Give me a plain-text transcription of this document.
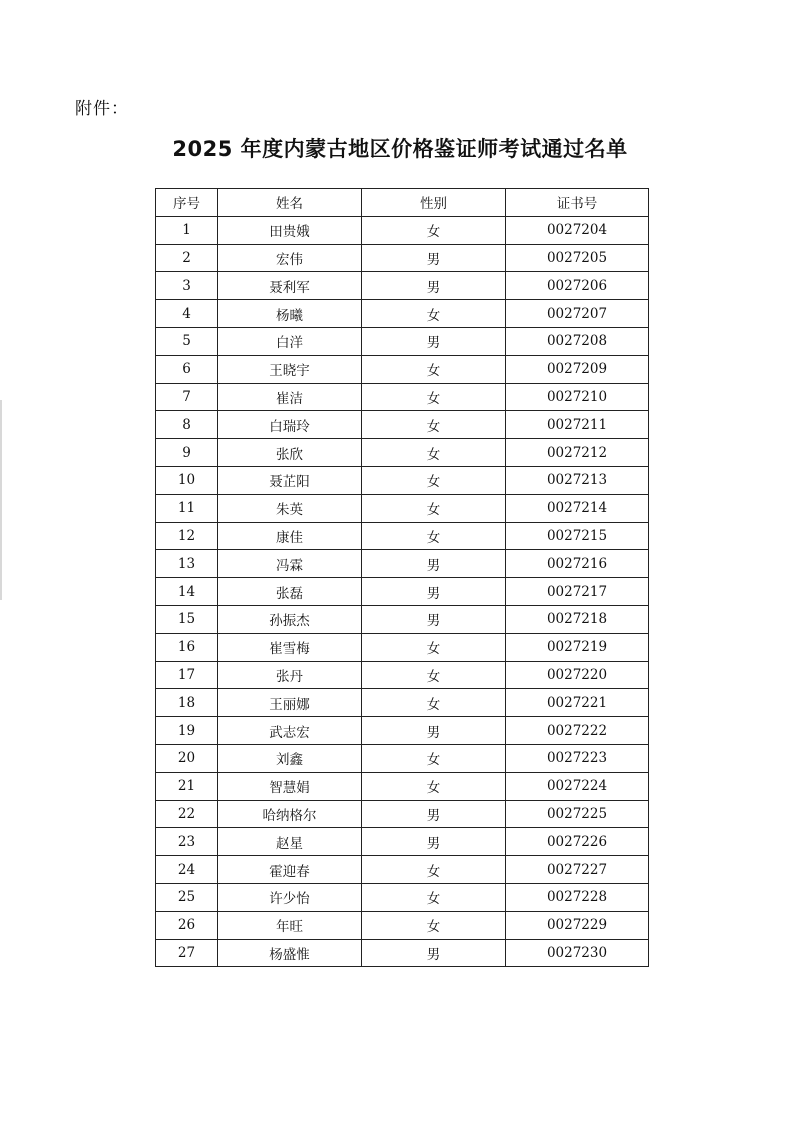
附件：
2025 年度内蒙古地区价格鉴证师考试通过名单
序号	姓名	性别	证书号
1	田贵娥	女	0027204
2	宏伟	男	0027205
3	聂利军	男	0027206
4	杨曦	女	0027207
5	白洋	男	0027208
6	王晓宇	女	0027209
7	崔洁	女	0027210
8	白瑞玲	女	0027211
9	张欣	女	0027212
10	聂芷阳	女	0027213
11	朱英	女	0027214
12	康佳	女	0027215
13	冯霖	男	0027216
14	张磊	男	0027217
15	孙振杰	男	0027218
16	崔雪梅	女	0027219
17	张丹	女	0027220
18	王丽娜	女	0027221
19	武志宏	男	0027222
20	刘鑫	女	0027223
21	智慧娟	女	0027224
22	哈纳格尔	男	0027225
23	赵星	男	0027226
24	霍迎春	女	0027227
25	许少怡	女	0027228
26	年旺	女	0027229
27	杨盛惟	男	0027230
